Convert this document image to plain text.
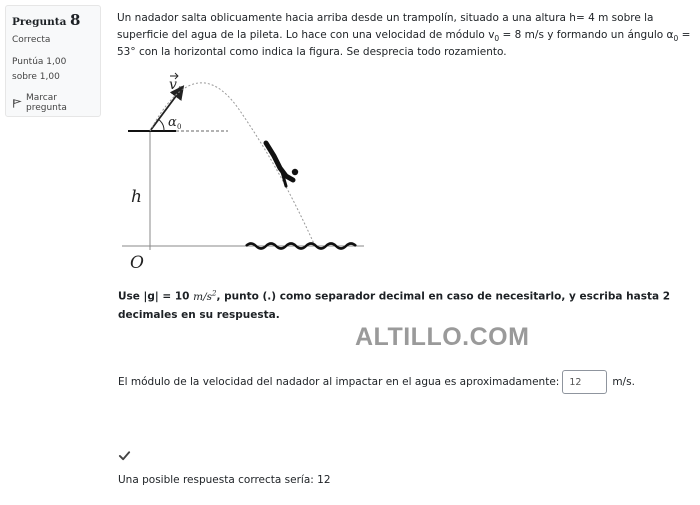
Pregunta 8
Correcta
Puntúa 1,00 sobre 1,00
Marcar pregunta

Un nadador salta oblicuamente hacia arriba desde un trampolín, situado a una altura h= 4 m sobre la superficie del agua de la pileta. Lo hace con una velocidad de módulo $v_0 = 8$ m/s y formando un ángulo $\alpha_0 = 53^\circ$ con la horizontal como indica la figura. Se desprecia todo rozamiento.

v 0
α 0
h
O
Use |g| = 10 $m/s^2$, punto (.) como separador decimal en caso de necesitarlo, y escriba hasta 2 decimales en su respuesta.
ALTILLO.COM
El módulo de la velocidad del nadador al impactar en el agua es aproximadamente:	12	m/s.
Una posible respuesta correcta sería: 12
